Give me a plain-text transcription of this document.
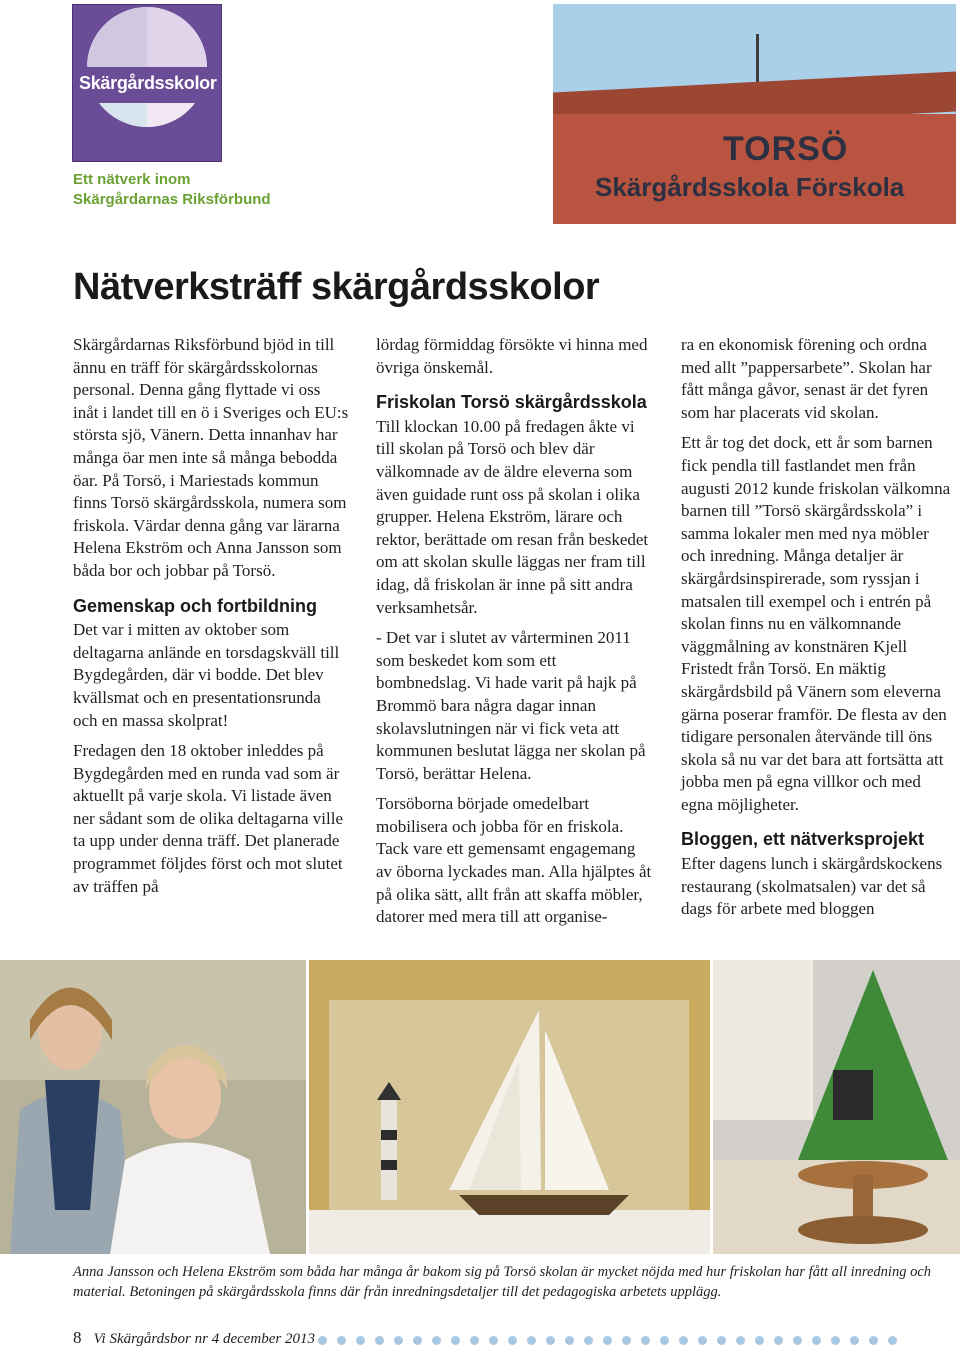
Skärgårdsskolor
Ett nätverk inom
Skärgårdarnas Riksförbund
TORSÖ
Skärgårdsskola Förskola
Nätverksträff skärgårdsskolor

Skärgårdarnas Riksförbund bjöd in till ännu en träff för skärgårdsskolornas personal. Denna gång flyttade vi oss inåt i landet till en ö i Sveriges och EU:s största sjö, Vänern. Detta innanhav har många öar men inte så många bebodda öar. På Torsö, i Mariestads kommun finns Torsö skärgårdsskola, numera som friskola. Värdar denna gång var lärarna Helena Ekström och Anna Jansson som båda bor och jobbar på Torsö.

Gemenskap och fortbildning

Det var i mitten av oktober som deltagarna anlände en torsdagskväll till Bygdegården, där vi bodde. Det blev kvällsmat och en presentationsrunda och en massa skolprat!

Fredagen den 18 oktober inleddes på Bygdegården med en runda vad som är aktuellt på varje skola. Vi listade även ner sådant som de olika deltagarna ville ta upp under denna träff. Det planerade programmet följdes först och mot slutet av träffen på

lördag förmiddag försökte vi hinna med övriga önskemål.

Friskolan Torsö skärgårdsskola

Till klockan 10.00 på fredagen åkte vi till skolan på Torsö och blev där välkomnade av de äldre eleverna som även guidade runt oss på skolan i olika grupper. Helena Ekström, lärare och rektor, berättade om resan från beskedet om att skolan skulle läggas ner fram till idag, då friskolan är inne på sitt andra verksamhetsår.

- Det var i slutet av vårterminen 2011 som beskedet kom som ett bombnedslag. Vi hade varit på hajk på Brommö bara några dagar innan skolavslutningen när vi fick veta att kommunen beslutat lägga ner skolan på Torsö, berättar Helena.

Torsöborna började omedelbart mobilisera och jobba för en friskola. Tack vare ett gemensamt engagemang av öborna lyckades man. Alla hjälptes åt på olika sätt, allt från att skaffa möbler, datorer med mera till att organise-

ra en ekonomisk förening och ordna med allt ”pappersarbete”. Skolan har fått många gåvor, senast är det fyren som har placerats vid skolan.

Ett år tog det dock, ett år som barnen fick pendla till fastlandet men från augusti 2012 kunde friskolan välkomna barnen till ”Torsö skärgårdsskola” i samma lokaler men med nya möbler och inredning. Många detaljer är skärgårdsinspirerade, som ryssjan i matsalen till exempel och i entrén på skolan finns nu en välkomnande väggmålning av konstnären Kjell Fristedt från Torsö. En mäktig skärgårdsbild på Vänern som eleverna gärna poserar framför. De flesta av den tidigare personalen återvände till öns skola så nu var det bara att fortsätta att jobba men på egna villkor och med egna möjligheter.

Bloggen, ett nätverksprojekt

Efter dagens lunch i skärgårdskockens restaurang (skolmatsalen) var det så dags för arbete med bloggen

Anna Jansson och Helena Ekström som båda har många år bakom sig på Torsö skolan är mycket nöjda med hur friskolan har fått all inredning och material. Betoningen på skärgårdsskola finns där från inredningsdetaljer till det pedagogiska arbetets upplägg.
8 Vi Skärgårdsbor nr 4 december 2013
